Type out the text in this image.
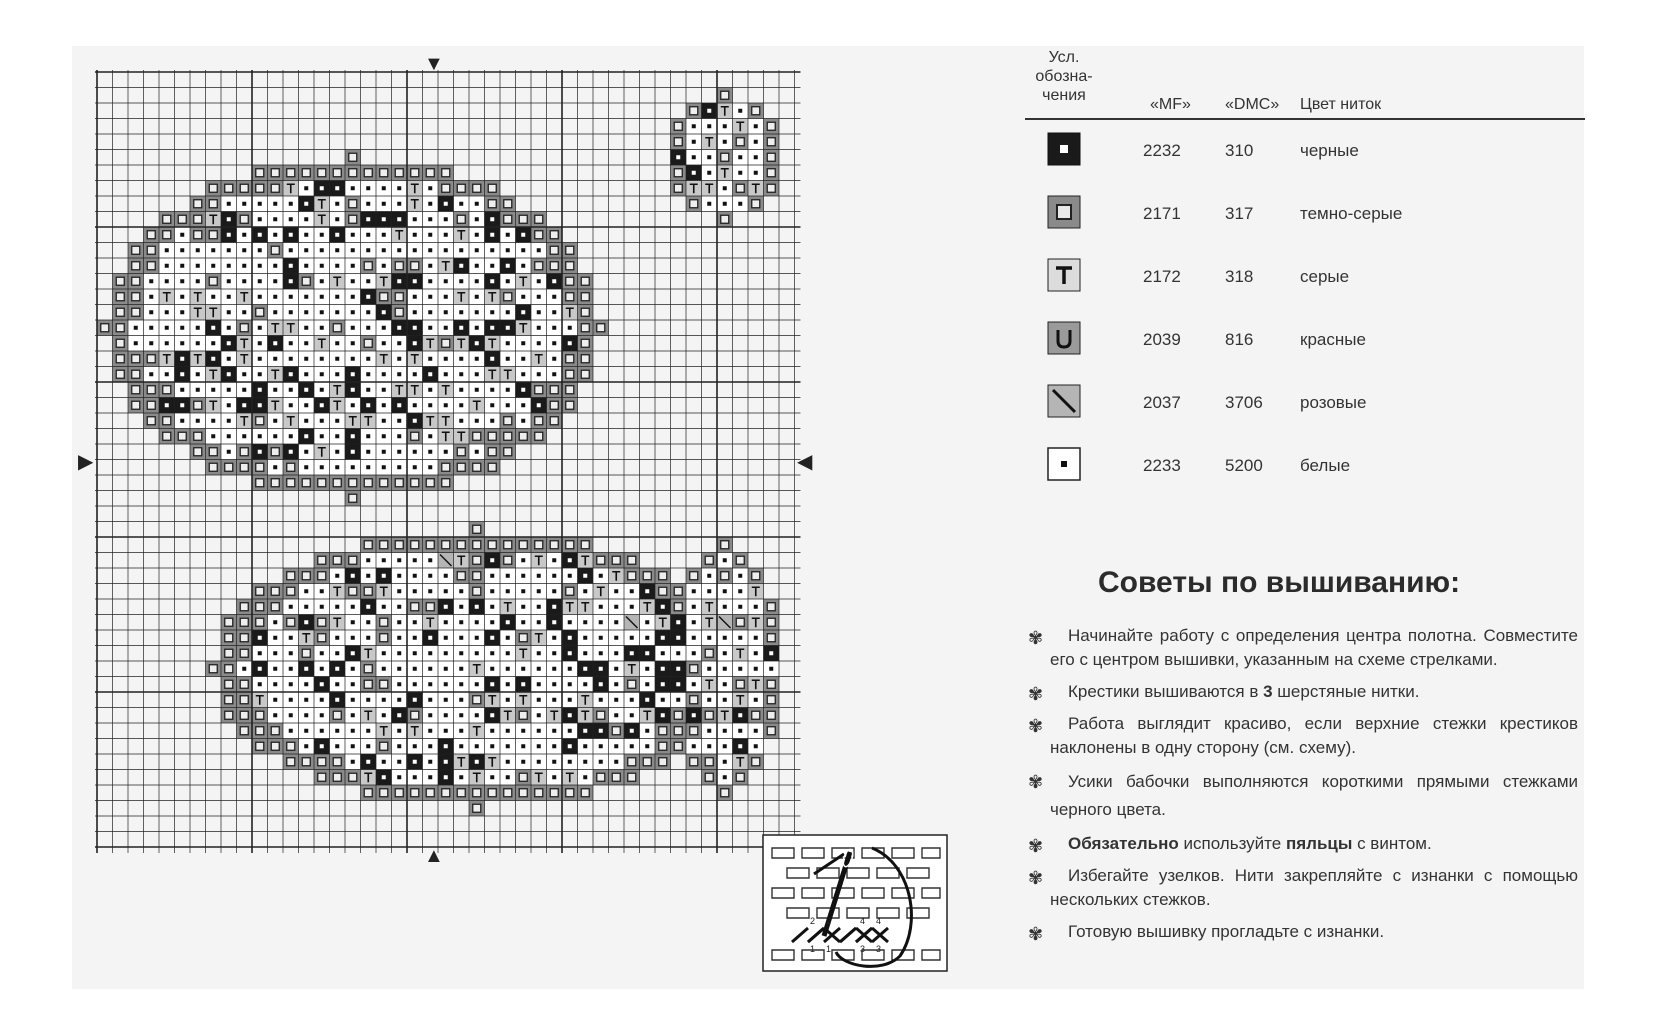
▼
▲
▶	◀
2 2	4 4
1 1	3 3
Усл. обозна- чения
«MF» «DMC» Цвет ниток
2232	310	черные
2171	317	темно-серые
2172	318	серые
2039	816	красные
2037	3706	розовые
2233	5200	белые
Советы по вышиванию:
✾	Начинайте работу с определения центра полотна. Совместите его с центром вышивки, указанным на схеме стрелками.

✾	Крестики вышиваются в 3 шерстяные нитки.

✾	Работа выглядит красиво, если верхние стежки крестиков наклонены в одну сторону (см. схему).

✾	Усики бабочки выполняются короткими прямыми стежками черного цвета.

✾	Обязательно используйте пяльцы с винтом.

✾	Избегайте узелков. Нити закрепляйте с изнанки с помощью нескольких стежков.

✾	Готовую вышивку прогладьте с изнанки.
